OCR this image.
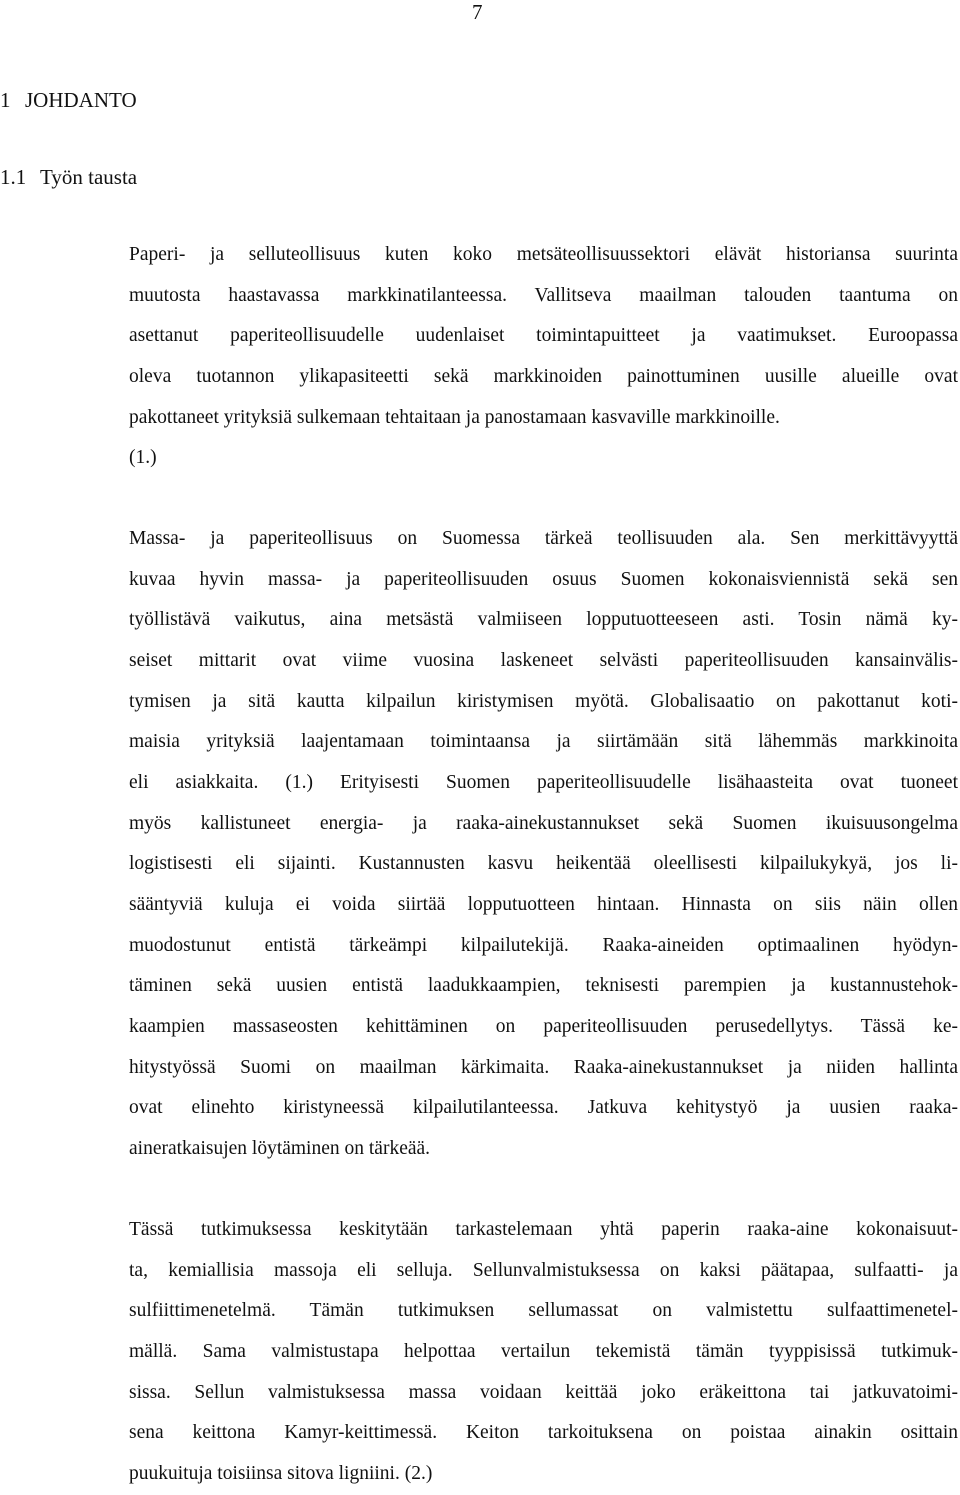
7
1 JOHDANTO
1.1 Työn tausta
Paperi- ja selluteollisuus kuten koko metsäteollisuussektori elävät historiansa suurinta
muutosta haastavassa markkinatilanteessa. Vallitseva maailman talouden taantuma on
asettanut paperiteollisuudelle uudenlaiset toimintapuitteet ja vaatimukset. Euroopassa
oleva tuotannon ylikapasiteetti sekä markkinoiden painottuminen uusille alueille ovat
pakottaneet yrityksiä sulkemaan tehtaitaan ja panostamaan kasvaville markkinoille.
(1.)
Massa- ja paperiteollisuus on Suomessa tärkeä teollisuuden ala. Sen merkittävyyttä
kuvaa hyvin massa- ja paperiteollisuuden osuus Suomen kokonaisviennistä sekä sen
työllistävä vaikutus, aina metsästä valmiiseen lopputuotteeseen asti. Tosin nämä ky-
seiset mittarit ovat viime vuosina laskeneet selvästi paperiteollisuuden kansainvälis-
tymisen ja sitä kautta kilpailun kiristymisen myötä. Globalisaatio on pakottanut koti-
maisia yrityksiä laajentamaan toimintaansa ja siirtämään sitä lähemmäs markkinoita
eli asiakkaita. (1.) Erityisesti Suomen paperiteollisuudelle lisähaasteita ovat tuoneet
myös kallistuneet energia- ja raaka-ainekustannukset sekä Suomen ikuisuusongelma
logistisesti eli sijainti. Kustannusten kasvu heikentää oleellisesti kilpailukykyä, jos li-
sääntyviä kuluja ei voida siirtää lopputuotteen hintaan. Hinnasta on siis näin ollen
muodostunut entistä tärkeämpi kilpailutekijä. Raaka-aineiden optimaalinen hyödyn-
täminen sekä uusien entistä laadukkaampien, teknisesti parempien ja kustannustehok-
kaampien massaseosten kehittäminen on paperiteollisuuden perusedellytys. Tässä ke-
hitystyössä Suomi on maailman kärkimaita. Raaka-ainekustannukset ja niiden hallinta
ovat elinehto kiristyneessä kilpailutilanteessa. Jatkuva kehitystyö ja uusien raaka-
aineratkaisujen löytäminen on tärkeää.
Tässä tutkimuksessa keskitytään tarkastelemaan yhtä paperin raaka-aine kokonaisuut-
ta, kemiallisia massoja eli selluja. Sellunvalmistuksessa on kaksi päätapaa, sulfaatti- ja
sulfiittimenetelmä. Tämän tutkimuksen sellumassat on valmistettu sulfaattimenetel-
mällä. Sama valmistustapa helpottaa vertailun tekemistä tämän tyyppisissä tutkimuk-
sissa. Sellun valmistuksessa massa voidaan keittää joko eräkeittona tai jatkuvatoimi-
sena keittona Kamyr-keittimessä. Keiton tarkoituksena on poistaa ainakin osittain
puukuituja toisiinsa sitova ligniini. (2.)
